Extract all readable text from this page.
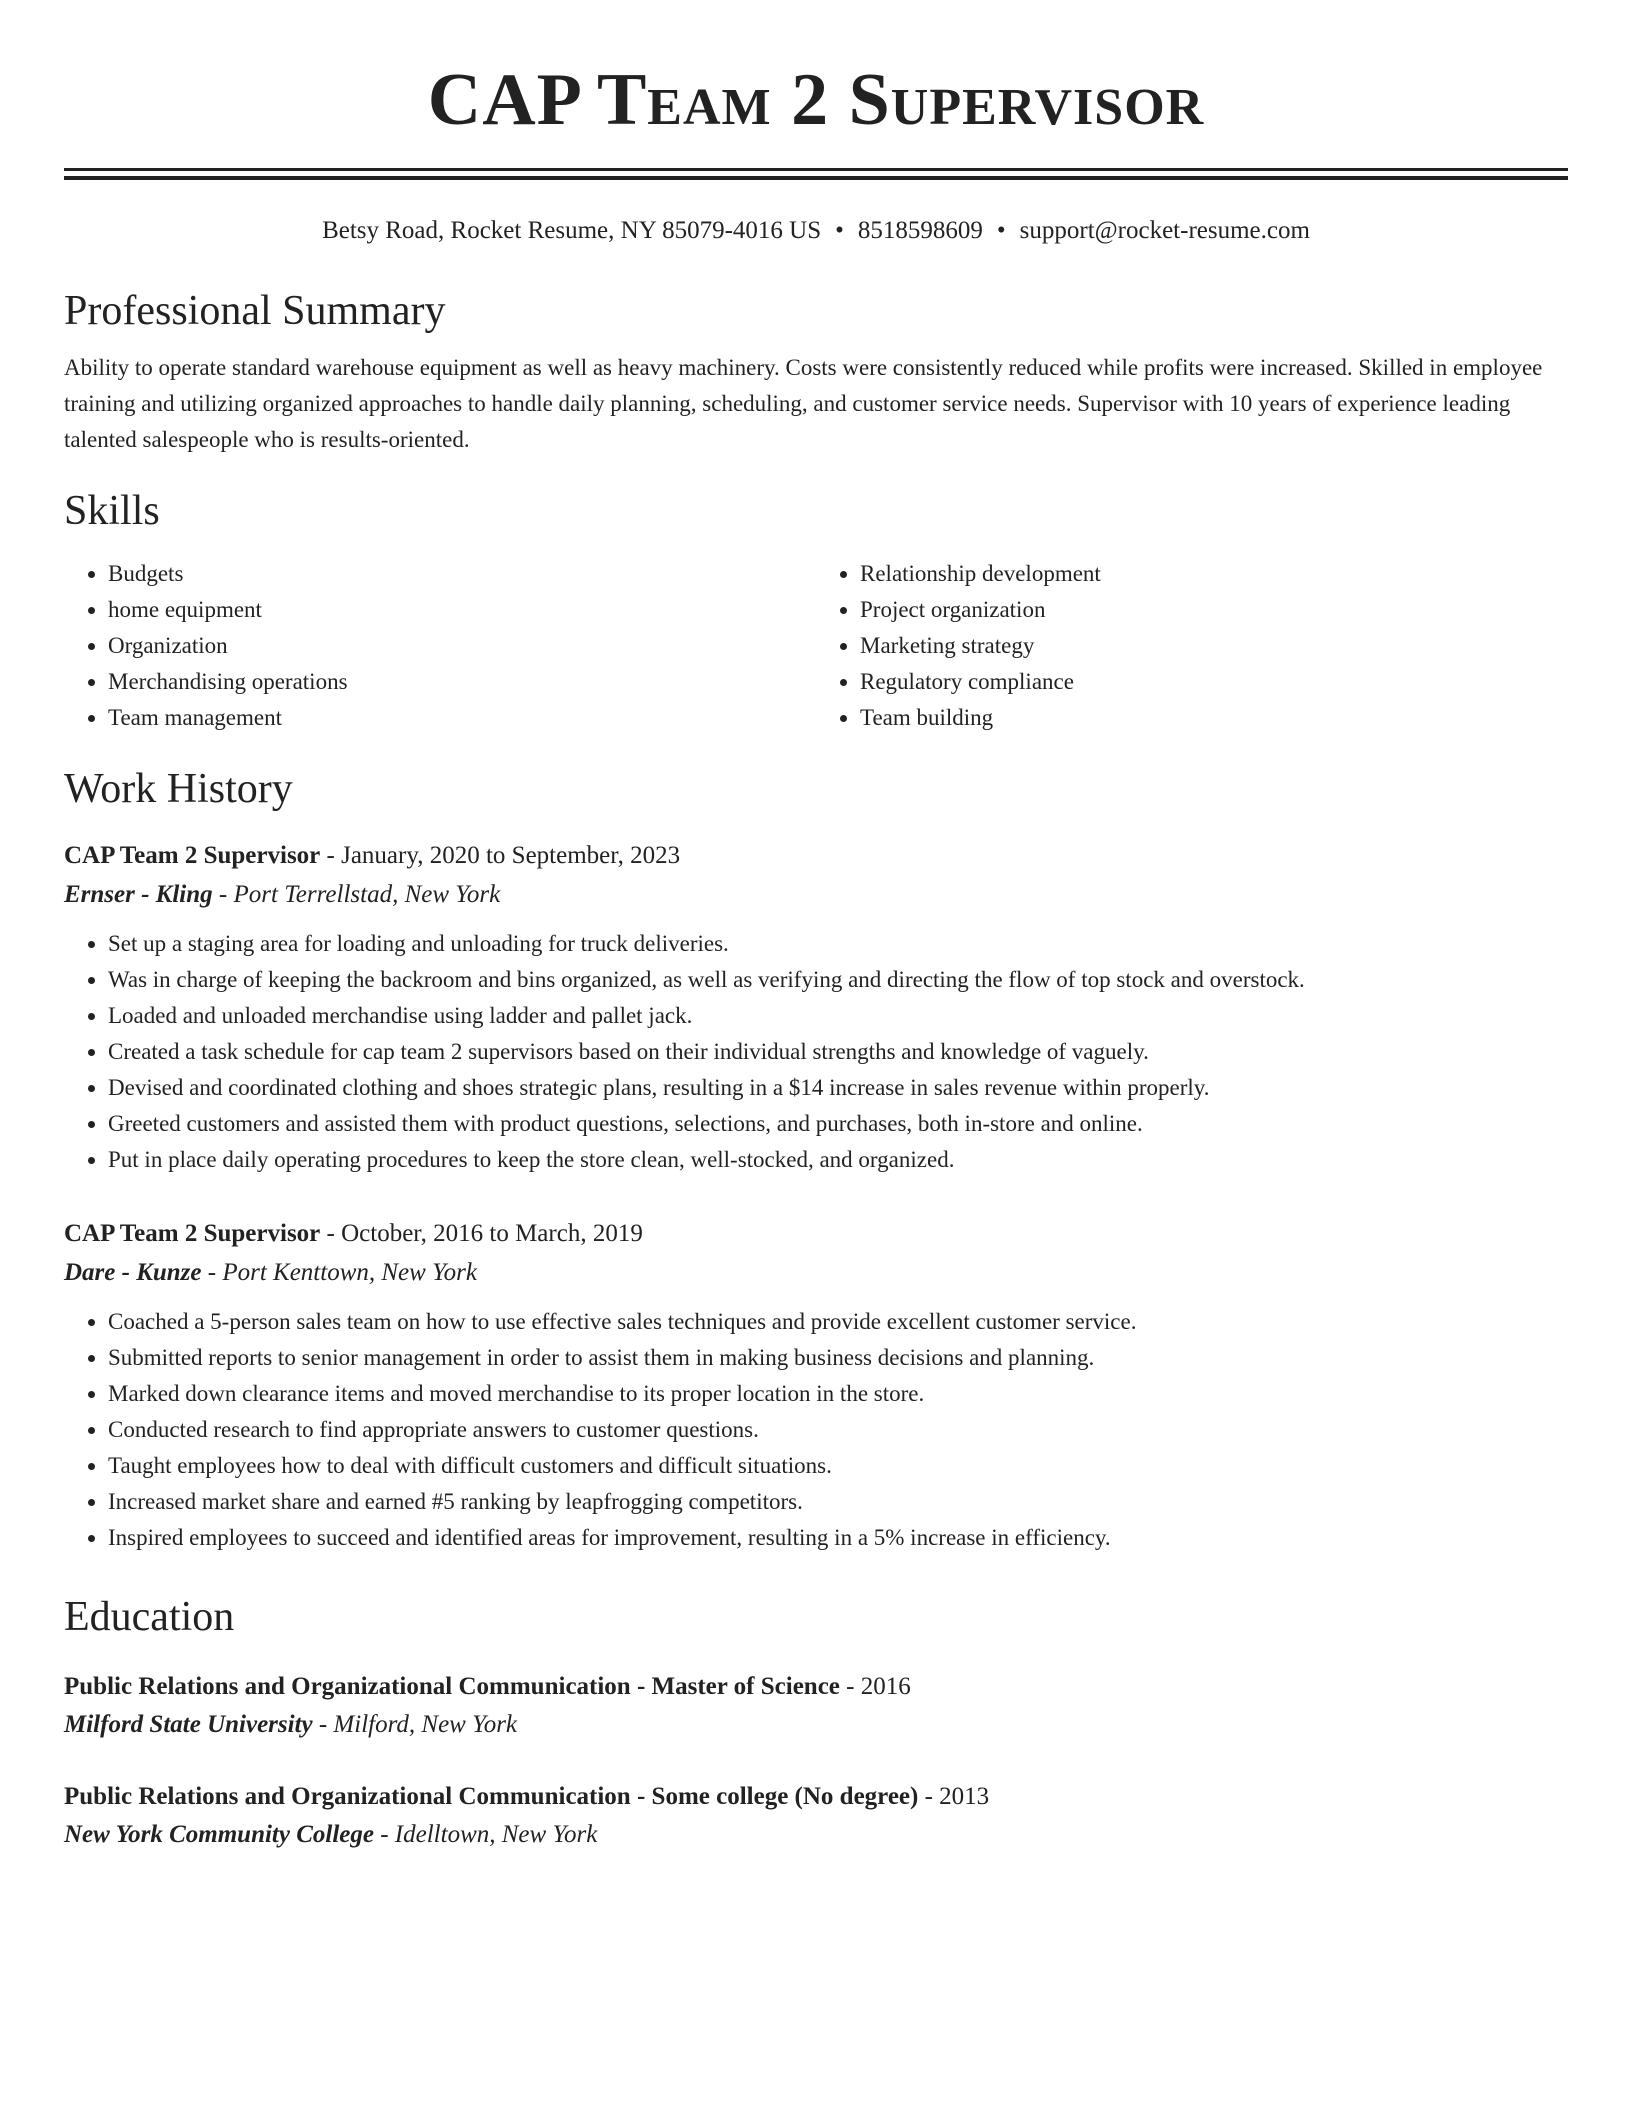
CAP Team 2 Supervisor
Betsy Road, Rocket Resume, NY 85079-4016 US • 8518598609 • support@rocket-resume.com
Professional Summary

Ability to operate standard warehouse equipment as well as heavy machinery. Costs were consistently reduced while profits were increased. Skilled in employee training and utilizing organized approaches to handle daily planning, scheduling, and customer service needs. Supervisor with 10 years of experience leading talented salespeople who is results-oriented.

Skills
• Budgets
• home equipment
• Organization
• Merchandising operations
• Team management
• Relationship development
• Project organization
• Marketing strategy
• Regulatory compliance
• Team building
Work History
CAP Team 2 Supervisor - January, 2020 to September, 2023
Ernser - Kling - Port Terrellstad, New York
• Set up a staging area for loading and unloading for truck deliveries.
• Was in charge of keeping the backroom and bins organized, as well as verifying and directing the flow of top stock and overstock.
• Loaded and unloaded merchandise using ladder and pallet jack.
• Created a task schedule for cap team 2 supervisors based on their individual strengths and knowledge of vaguely.
• Devised and coordinated clothing and shoes strategic plans, resulting in a $14 increase in sales revenue within properly.
• Greeted customers and assisted them with product questions, selections, and purchases, both in-store and online.
• Put in place daily operating procedures to keep the store clean, well-stocked, and organized.
CAP Team 2 Supervisor - October, 2016 to March, 2019
Dare - Kunze - Port Kenttown, New York
• Coached a 5-person sales team on how to use effective sales techniques and provide excellent customer service.
• Submitted reports to senior management in order to assist them in making business decisions and planning.
• Marked down clearance items and moved merchandise to its proper location in the store.
• Conducted research to find appropriate answers to customer questions.
• Taught employees how to deal with difficult customers and difficult situations.
• Increased market share and earned #5 ranking by leapfrogging competitors.
• Inspired employees to succeed and identified areas for improvement, resulting in a 5% increase in efficiency.
Education
Public Relations and Organizational Communication - Master of Science - 2016
Milford State University - Milford, New York
Public Relations and Organizational Communication - Some college (No degree) - 2013
New York Community College - Idelltown, New York
